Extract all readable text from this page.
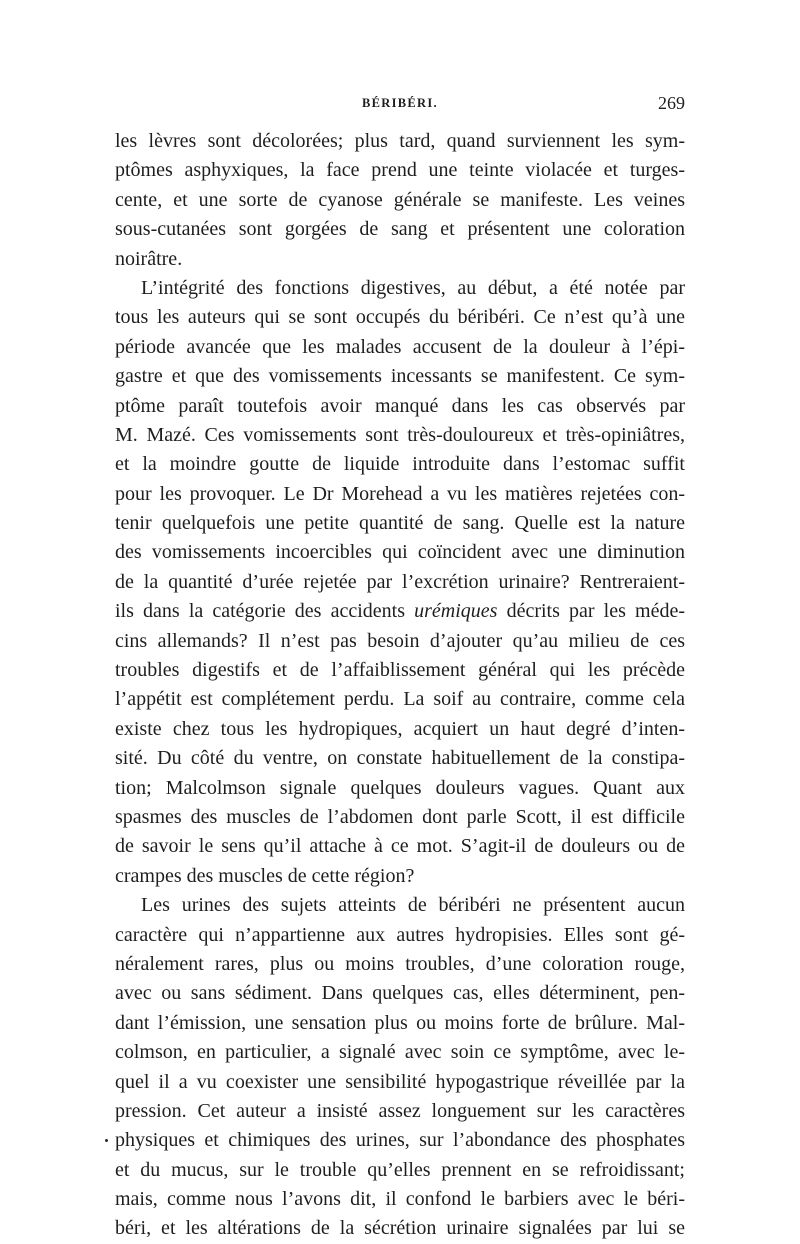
BÉRIBÉRI.	269
les lèvres sont décolorées; plus tard, quand surviennent les sym-
ptômes asphyxiques, la face prend une teinte violacée et turges-
cente, et une sorte de cyanose générale se manifeste. Les veines
sous-cutanées sont gorgées de sang et présentent une coloration
noirâtre.
L’intégrité des fonctions digestives, au début, a été notée par
tous les auteurs qui se sont occupés du béribéri. Ce n’est qu’à une
période avancée que les malades accusent de la douleur à l’épi-
gastre et que des vomissements incessants se manifestent. Ce sym-
ptôme paraît toutefois avoir manqué dans les cas observés par
M. Mazé. Ces vomissements sont très-douloureux et très-opiniâtres,
et la moindre goutte de liquide introduite dans l’estomac suffit
pour les provoquer. Le Dr Morehead a vu les matières rejetées con-
tenir quelquefois une petite quantité de sang. Quelle est la nature
des vomissements incoercibles qui coïncident avec une diminution
de la quantité d’urée rejetée par l’excrétion urinaire? Rentreraient-
ils dans la catégorie des accidents urémiques décrits par les méde-
cins allemands? Il n’est pas besoin d’ajouter qu’au milieu de ces
troubles digestifs et de l’affaiblissement général qui les précède
l’appétit est complétement perdu. La soif au contraire, comme cela
existe chez tous les hydropiques, acquiert un haut degré d’inten-
sité. Du côté du ventre, on constate habituellement de la constipa-
tion; Malcolmson signale quelques douleurs vagues. Quant aux
spasmes des muscles de l’abdomen dont parle Scott, il est difficile
de savoir le sens qu’il attache à ce mot. S’agit-il de douleurs ou de
crampes des muscles de cette région?
Les urines des sujets atteints de béribéri ne présentent aucun
caractère qui n’appartienne aux autres hydropisies. Elles sont gé-
néralement rares, plus ou moins troubles, d’une coloration rouge,
avec ou sans sédiment. Dans quelques cas, elles déterminent, pen-
dant l’émission, une sensation plus ou moins forte de brûlure. Mal-
colmson, en particulier, a signalé avec soin ce symptôme, avec le-
quel il a vu coexister une sensibilité hypogastrique réveillée par la
pression. Cet auteur a insisté assez longuement sur les caractères
physiques et chimiques des urines, sur l’abondance des phosphates
et du mucus, sur le trouble qu’elles prennent en se refroidissant;
mais, comme nous l’avons dit, il confond le barbiers avec le béri-
béri, et les altérations de la sécrétion urinaire signalées par lui se
